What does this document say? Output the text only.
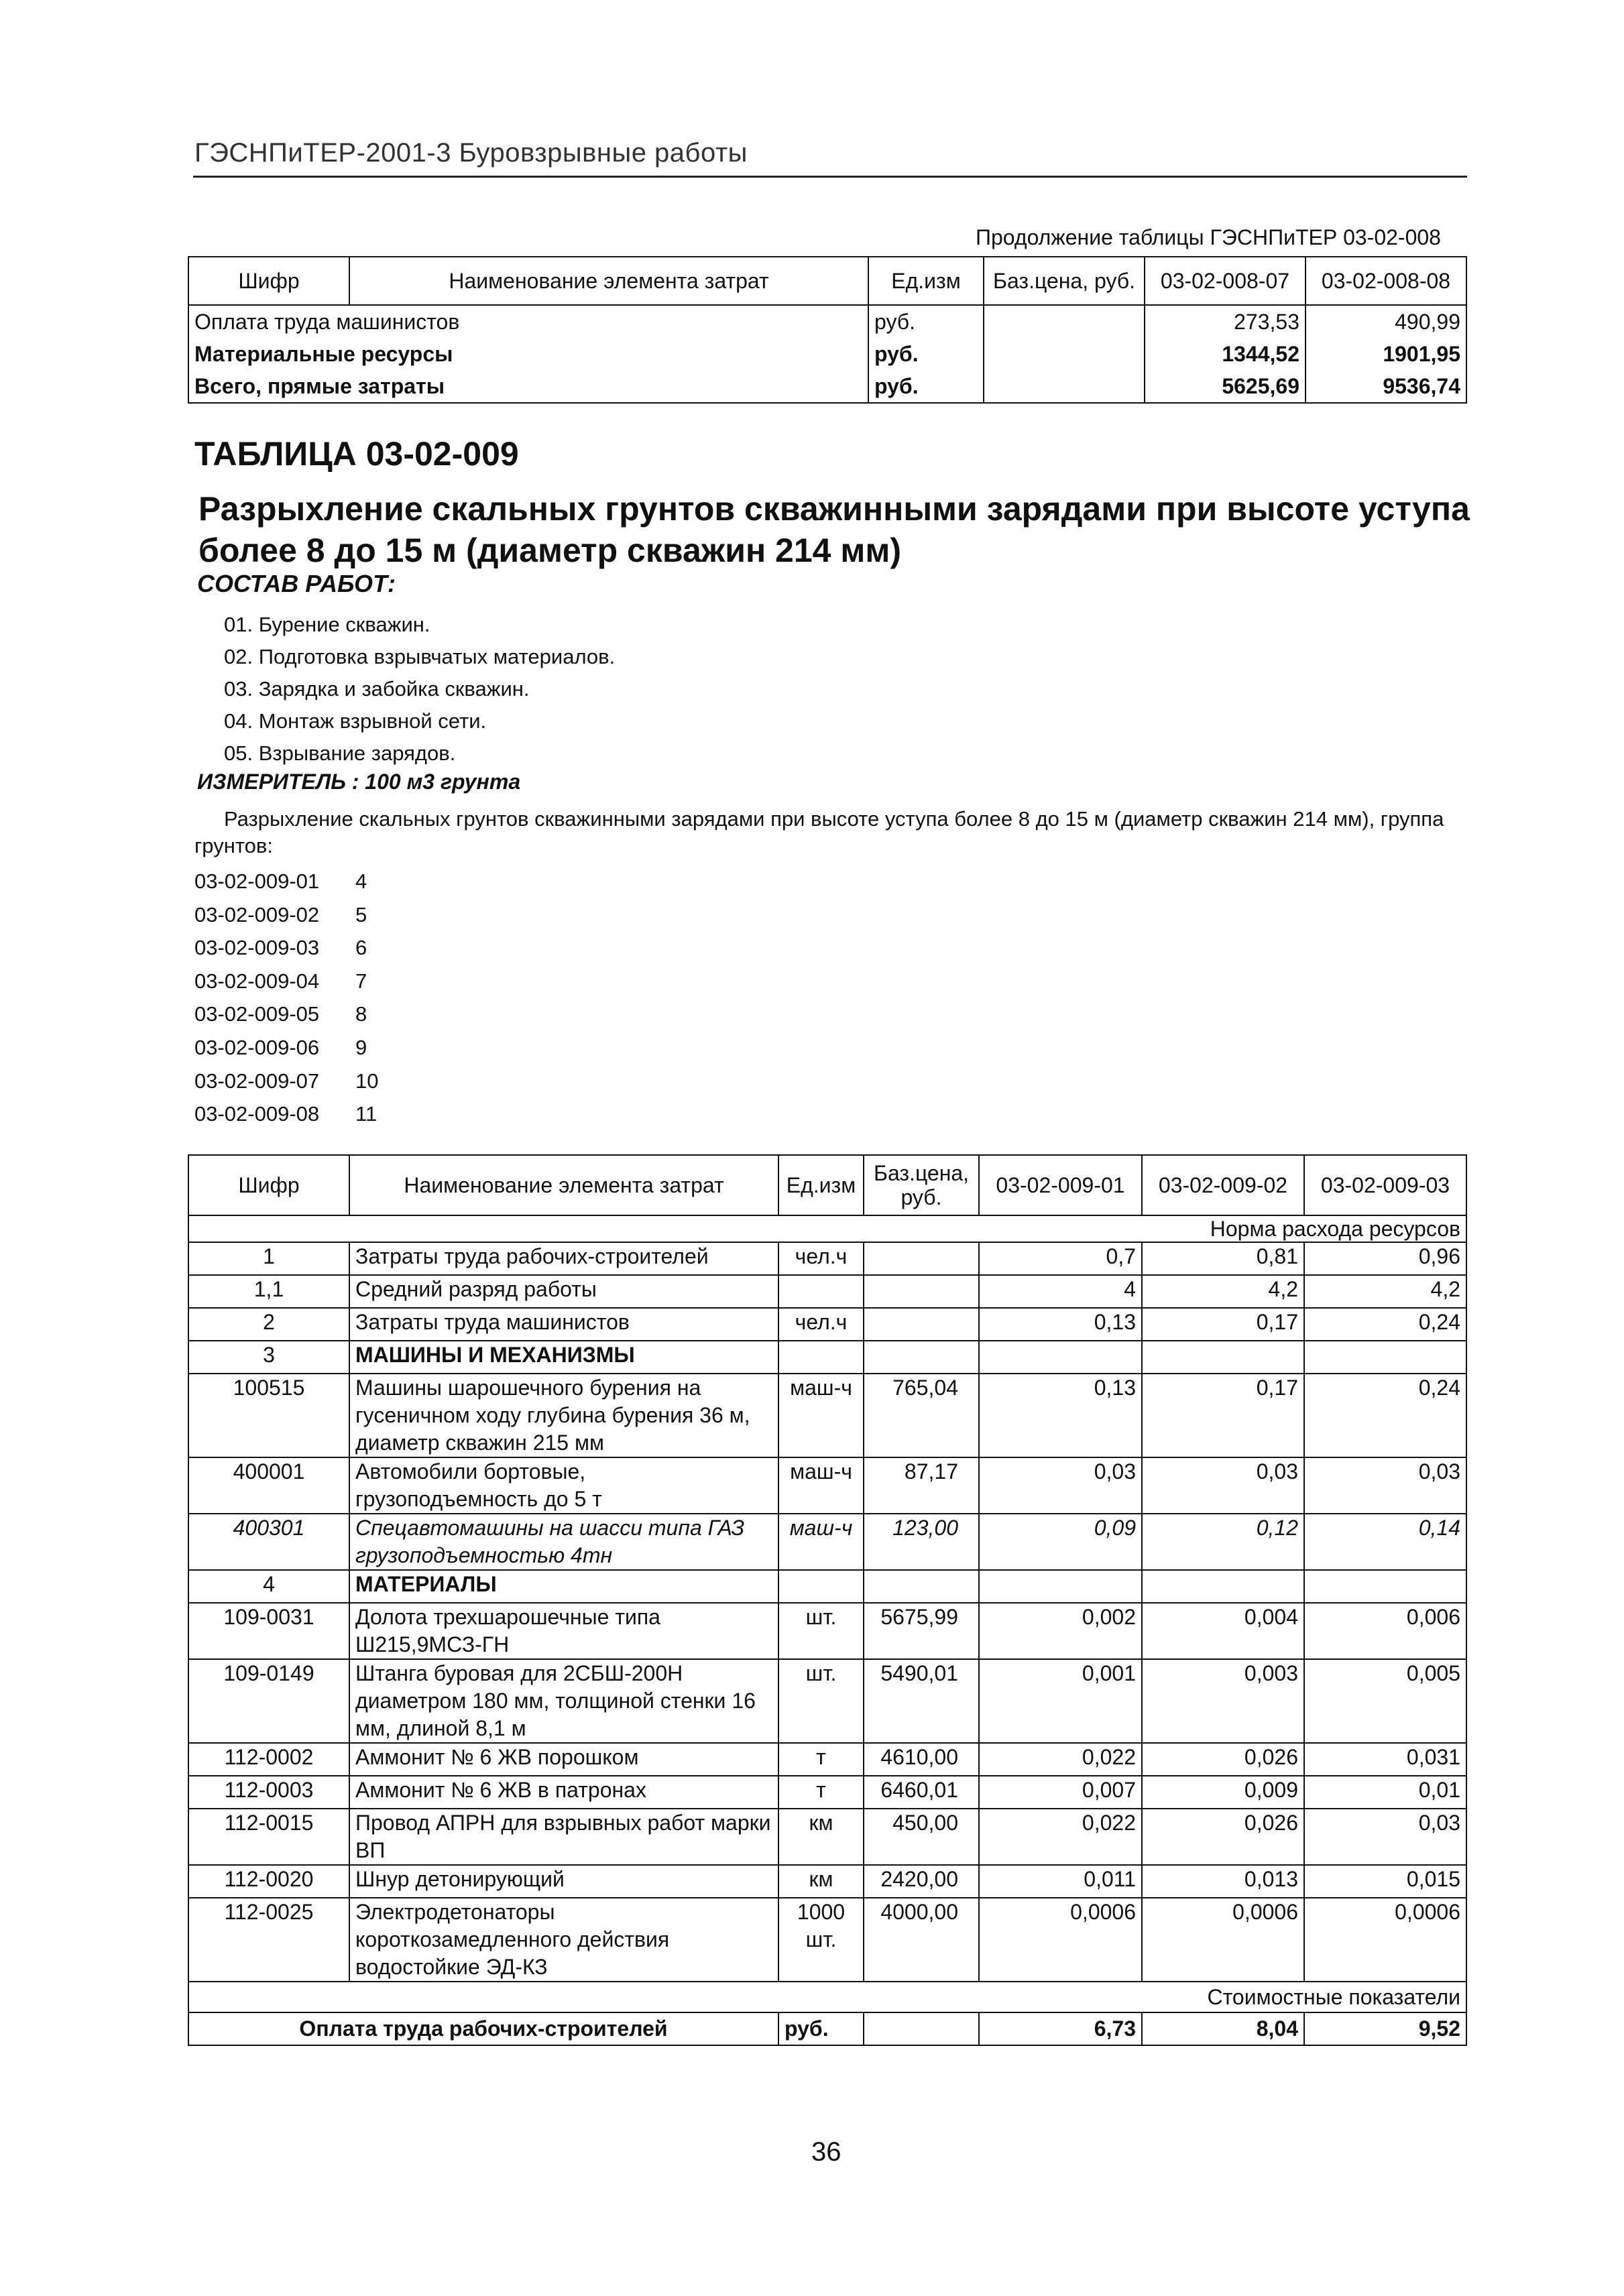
ГЭСНПиТЕР-2001-3 Буровзрывные работы
Продолжение таблицы ГЭСНПиТЕР 03-02-008
Шифр	Наименование элемента затрат	Ед.изм	Баз.цена, руб.	03-02-008-07	03-02-008-08
Оплата труда машинистов		руб.		273,53	490,99
Материальные ресурсы		руб.		1344,52	1901,95
Всего, прямые затраты		руб.		5625,69	9536,74
ТАБЛИЦА 03-02-009
Разрыхление скальных грунтов скважинными зарядами при высоте уступа более 8 до 15 м (диаметр скважин 214 мм)
СОСТАВ РАБОТ:
01. Бурение скважин.
02. Подготовка взрывчатых материалов.
03. Зарядка и забойка скважин.
04. Монтаж взрывной сети.
05. Взрывание зарядов.
ИЗМЕРИТЕЛЬ : 100 м3 грунта
Разрыхление скальных грунтов скважинными зарядами при высоте уступа более 8 до 15 м (диаметр скважин 214 мм), группа грунтов:
03-02-009-01 4
03-02-009-02 5
03-02-009-03 6
03-02-009-04 7
03-02-009-05 8
03-02-009-06 9
03-02-009-07 10
03-02-009-08 11
Шифр	Наименование элемента затрат	Ед.изм	Баз.цена, руб.	03-02-009-01	03-02-009-02	03-02-009-03
Норма расхода ресурсов						
1	Затраты труда рабочих-строителей	чел.ч		0,7	0,81	0,96
1,1	Средний разряд работы			4	4,2	4,2
2	Затраты труда машинистов	чел.ч		0,13	0,17	0,24
3	МАШИНЫ И МЕХАНИЗМЫ					
100515	Машины шарошечного бурения на гусеничном ходу глубина бурения 36 м, диаметр скважин 215 мм	маш-ч	765,04	0,13	0,17	0,24
400001	Автомобили бортовые, грузоподъемность до 5 т	маш-ч	87,17	0,03	0,03	0,03
400301	Спецавтомашины на шасси типа ГАЗ грузоподъемностью 4тн	маш-ч	123,00	0,09	0,12	0,14
4	МАТЕРИАЛЫ					
109-0031	Долота трехшарошечные типа Ш215,9МСЗ-ГН	шт.	5675,99	0,002	0,004	0,006
109-0149	Штанга буровая для 2СБШ-200Н диаметром 180 мм, толщиной стенки 16 мм, длиной 8,1 м	шт.	5490,01	0,001	0,003	0,005
112-0002	Аммонит № 6 ЖВ порошком	т	4610,00	0,022	0,026	0,031
112-0003	Аммонит № 6 ЖВ в патронах	т	6460,01	0,007	0,009	0,01
112-0015	Провод АПРН для взрывных работ марки ВП	км	450,00	0,022	0,026	0,03
112-0020	Шнур детонирующий	км	2420,00	0,011	0,013	0,015
112-0025	Электродетонаторы короткозамедленного действия водостойкие ЭД-КЗ	1000 шт.	4000,00	0,0006	0,0006	0,0006
Стоимостные показатели						
Оплата труда рабочих-строителей		руб.		6,73	8,04	9,52
36
